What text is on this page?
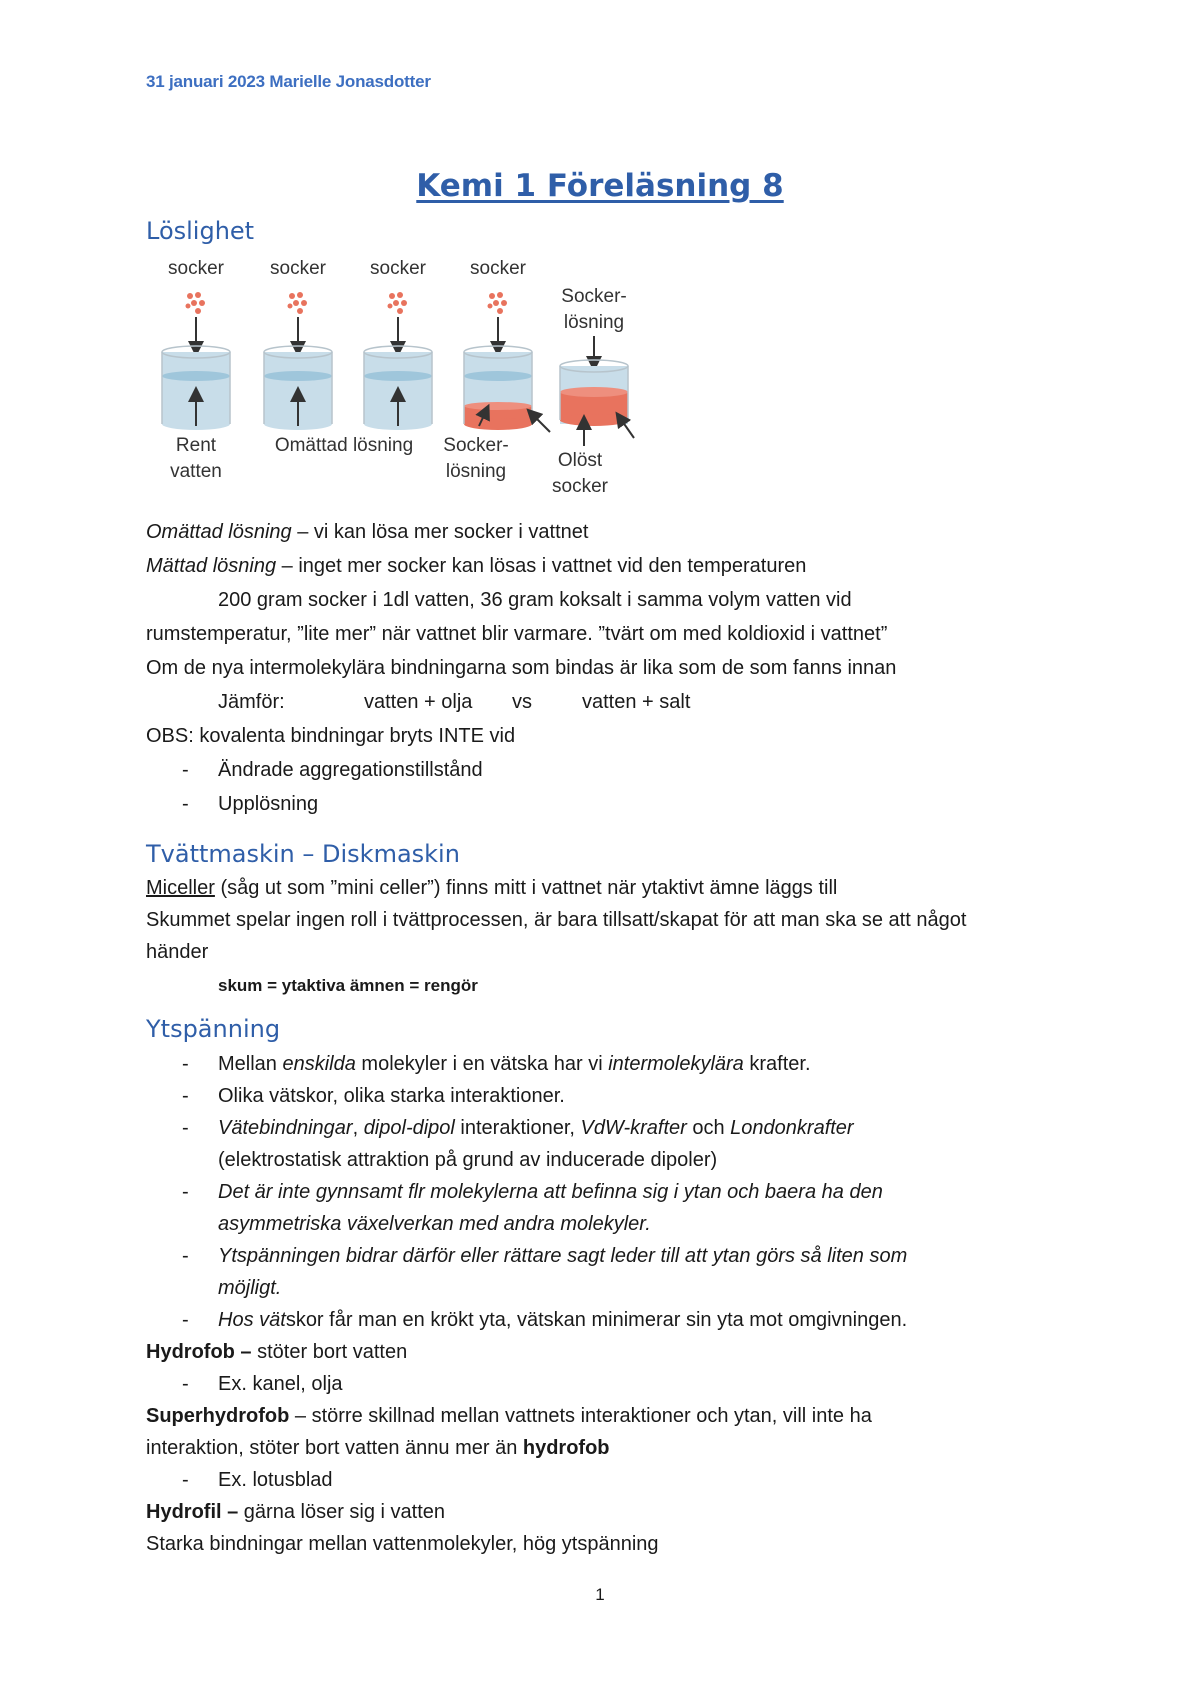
31 januari 2023 Marielle Jonasdotter
Kemi 1 Föreläsning 8
Löslighet
socker socker socker socker
Socker-
lösning
Rent
vatten
Omättad lösning Socker-
lösning
Olöst
socker
Omättad lösning – vi kan lösa mer socker i vattnet
Mättad lösning – inget mer socker kan lösas i vattnet vid den temperaturen
200 gram socker i 1dl vatten, 36 gram koksalt i samma volym vatten vid
rumstemperatur, ”lite mer” när vattnet blir varmare. ”tvärt om med koldioxid i vattnet”
Om de nya intermolekylära bindningarna som bindas är lika som de som fanns innan
Jämför:	vatten + olja vs	vatten + salt
OBS: kovalenta bindningar bryts INTE vid
- Ändrade aggregationstillstånd
- Upplösning
Tvättmaskin – Diskmaskin
Miceller (såg ut som ”mini celler”) finns mitt i vattnet när ytaktivt ämne läggs till
Skummet spelar ingen roll i tvättprocessen, är bara tillsatt/skapat för att man ska se att något
händer
skum = ytaktiva ämnen = rengör
Ytspänning
- Mellan enskilda molekyler i en vätska har vi intermolekylära krafter.
- Olika vätskor, olika starka interaktioner.
- Vätebindningar, dipol-dipol interaktioner, VdW-krafter och Londonkrafter
(elektrostatisk attraktion på grund av inducerade dipoler)
- Det är inte gynnsamt flr molekylerna att befinna sig i ytan och baera ha den
asymmetriska växelverkan med andra molekyler.
- Ytspänningen bidrar därför eller rättare sagt leder till att ytan görs så liten som
möjligt.
- Hos vätskor får man en krökt yta, vätskan minimerar sin yta mot omgivningen.
Hydrofob – stöter bort vatten
- Ex. kanel, olja
Superhydrofob – större skillnad mellan vattnets interaktioner och ytan, vill inte ha
interaktion, stöter bort vatten ännu mer än hydrofob
- Ex. lotusblad
Hydrofil – gärna löser sig i vatten
Starka bindningar mellan vattenmolekyler, hög ytspänning
1
